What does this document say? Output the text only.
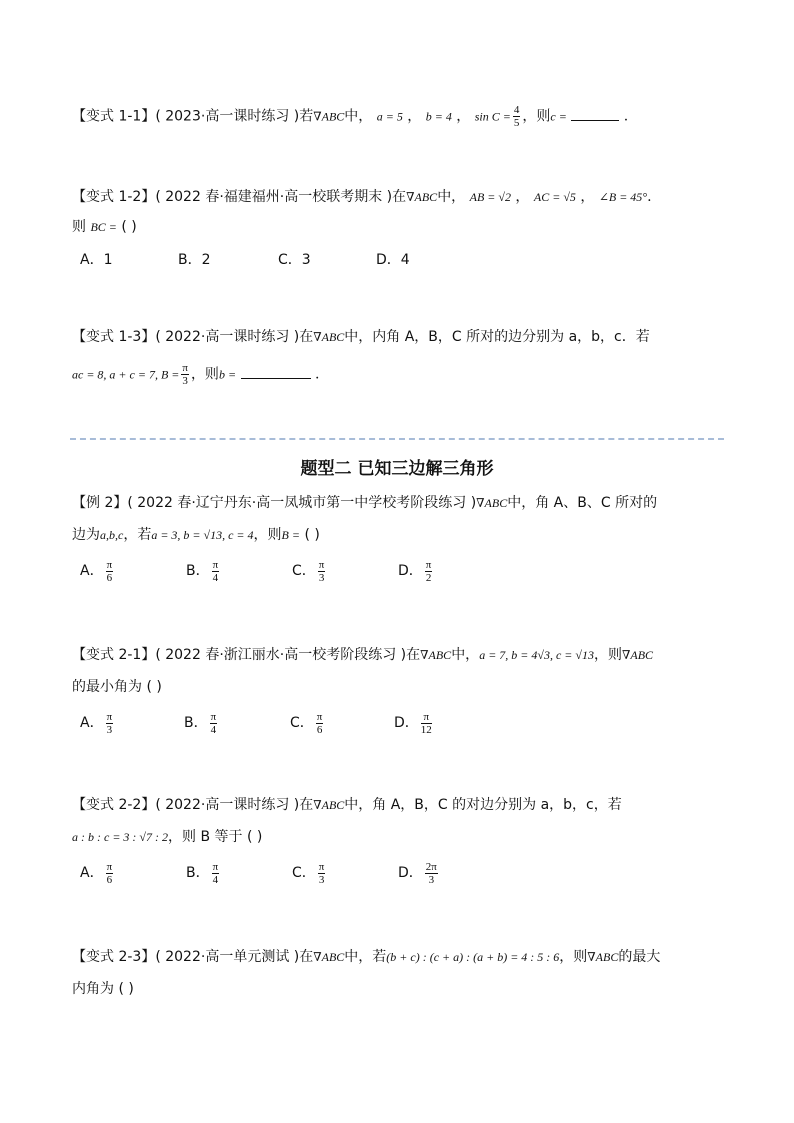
【变式 1-1】( 2023·高一课时练习 )若∇ABC中， a = 5 ， b = 4 ， $\sin C = \frac{4}{5}$ ，则c =	.
【变式 1-2】( 2022 春·福建福州·高一校联考期末 )在∇ABC中， AB = √2 ， AC = √5 ， ∠B = 45°.
则 BC = ( )
A．1	B．2	C．3	D．4
【变式 1-3】( 2022·高一课时练习 )在∇ABC中，内角 A，B，C 所对的边分别为 a，b，c．若
ac = 8, a + c = 7, $B = \frac{\pi}{3}$ ，则b =	.
题型二 已知三边解三角形
【例 2】( 2022 春·辽宁丹东·高一凤城市第一中学校考阶段练习 )∇ABC中，角 A、B、C 所对的
边为a,b,c，若a = 3, b = √13, c = 4，则B = ( )
A． $\frac{\pi}{6}$	B． $\frac{\pi}{4}$	C． $\frac{\pi}{3}$	D． $\frac{\pi}{2}$
【变式 2-1】( 2022 春·浙江丽水·高一校考阶段练习 )在∇ABC中，a = 7, b = 4√3, c = √13，则∇ABC
的最小角为 ( )
A． $\frac{\pi}{3}$	B． $\frac{\pi}{4}$	C． $\frac{\pi}{6}$	D． $\frac{\pi}{12}$
【变式 2-2】( 2022·高一课时练习 )在∇ABC中，角 A，B，C 的对边分别为 a，b，c，若
a : b : c = 3 : √7 : 2，则 B 等于 ( )
A． $\frac{\pi}{6}$	B． $\frac{\pi}{4}$	C． $\frac{\pi}{3}$	D． $\frac{2\pi}{3}$
【变式 2-3】( 2022·高一单元测试 )在∇ABC中，若(b + c) : (c + a) : (a + b) = 4 : 5 : 6，则∇ABC的最大
内角为 ( )
